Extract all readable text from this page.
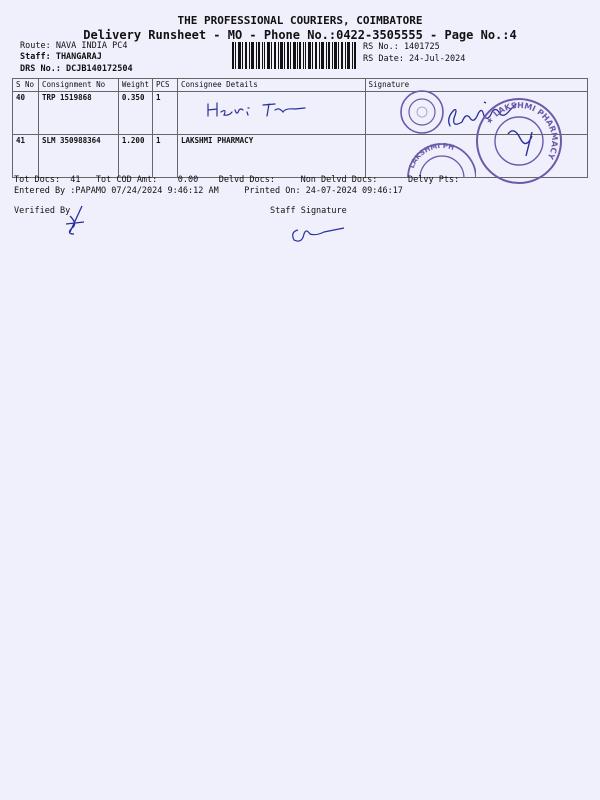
THE PROFESSIONAL COURIERS, COIMBATORE
Delivery Runsheet - MO - Phone No.:0422-3505555 - Page No.:4
Route: NAVA INDIA PC4
Staff: THANGARAJ
DRS No.: DCJB140172504
RS No.: 1401725
RS Date: 24-Jul-2024
S No	Consignment No	Weight	PCS	Consignee Details	Signature
40	TRP 1519868	0.350	1		
41	SLM 350988364	1.200	1	LAKSHMI PHARMACY	
★ LAKSHMI PHARMACY
LAKSHMI PH
Tot Docs:  41   Tot COD Amt:    0.00    Delvd Docs:     Non Delvd Docs:      Delvy Pts:
Entered By :PAPAMO 07/24/2024 9:46:12 AM     Printed On: 24-07-2024 09:46:17
Verified By	Staff Signature
